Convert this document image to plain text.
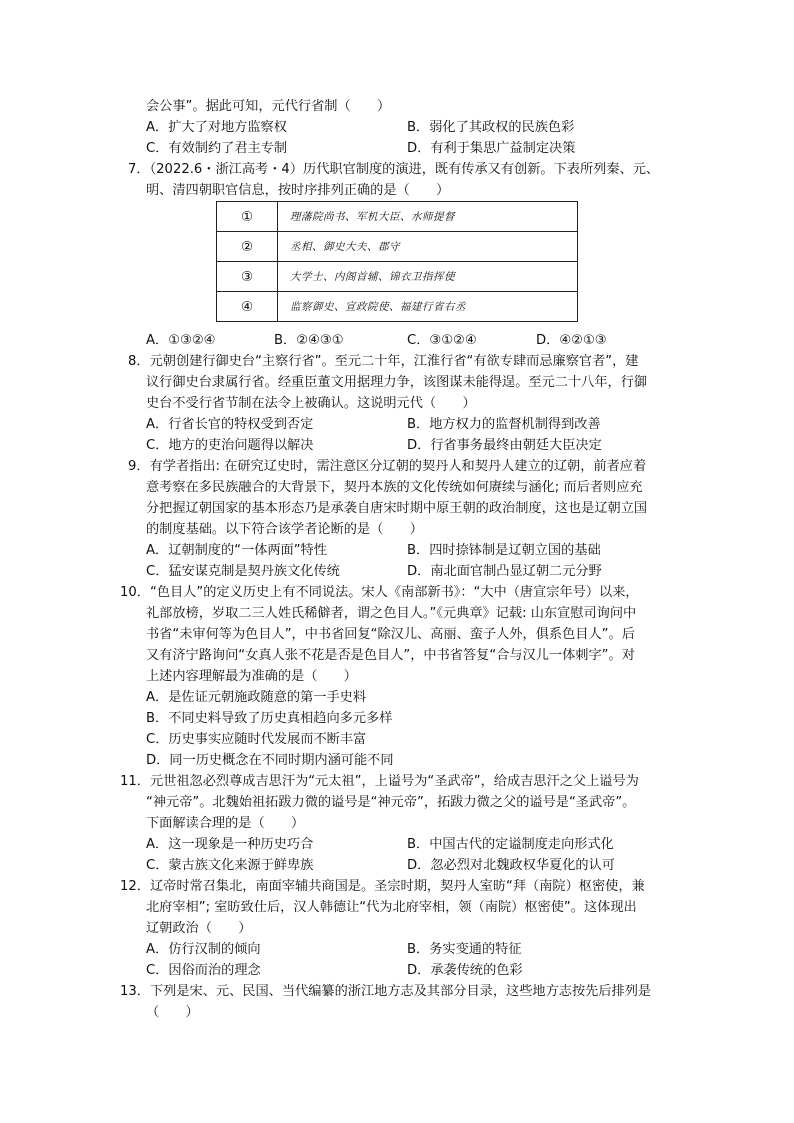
会公事”。据此可知，元代行省制（　　）
A．扩大了对地方监察权	B．弱化了其政权的民族色彩
C．有效制约了君主专制	D．有利于集思广益制定决策
7．（2022.6・浙江高考・4）历代职官制度的演进，既有传承又有创新。下表所列秦、元、
明、清四朝职官信息，按时序排列正确的是（　　）
①	理藩院尚书、军机大臣、水师提督
②	丞相、御史大夫、郡守
③	大学士、内阁首辅、锦衣卫指挥使
④	监察御史、宣政院使、福建行省右丞
A．①③②④	B．②④③①	C．③①②④	D．④②①③
8．元朝创建行御史台“主察行省”。至元二十年，江淮行省“有欲专肆而忌廉察官者”，建
议行御史台隶属行省。经重臣董文用据理力争，该图谋未能得逞。至元二十八年，行御
史台不受行省节制在法令上被确认。这说明元代（　　）
A．行省长官的特权受到否定	B．地方权力的监督机制得到改善
C．地方的吏治问题得以解决	D．行省事务最终由朝廷大臣决定
9．有学者指出: 在研究辽史时，需注意区分辽朝的契丹人和契丹人建立的辽朝，前者应着
意考察在多民族融合的大背景下，契丹本族的文化传统如何赓续与涵化; 而后者则应充
分把握辽朝国家的基本形态乃是承袭自唐宋时期中原王朝的政治制度，这也是辽朝立国
的制度基础。以下符合该学者论断的是（　　）
A．辽朝制度的“一体两面”特性	B．四时捺钵制是辽朝立国的基础
C．猛安谋克制是契丹族文化传统	D．南北面官制凸显辽朝二元分野
10．“色目人”的定义历史上有不同说法。宋人《南部新书》：“大中（唐宣宗年号）以来，
礼部放榜，岁取二三人姓氏稀僻者，谓之色目人。”《元典章》记载: 山东宣慰司询问中
书省“未审何等为色目人”，中书省回复“除汉儿、高丽、蛮子人外，俱系色目人”。后
又有济宁路询问“女真人张不花是否是色目人”，中书省答复“合与汉儿一体刺字”。对
上述内容理解最为准确的是（　　）
A．是佐证元朝施政随意的第一手史料
B．不同史料导致了历史真相趋向多元多样
C．历史事实应随时代发展而不断丰富
D．同一历史概念在不同时期内涵可能不同
11．元世祖忽必烈尊成吉思汗为“元太祖”，上谥号为“圣武帝”，给成吉思汗之父上谥号为
“神元帝”。北魏始祖拓跋力微的谥号是“神元帝”，拓跋力微之父的谥号是“圣武帝”。
下面解读合理的是（　　）
A．这一现象是一种历史巧合	B．中国古代的定谥制度走向形式化
C．蒙古族文化来源于鲜卑族	D．忽必烈对北魏政权华夏化的认可
12．辽帝时常召集北，南面宰辅共商国是。圣宗时期，契丹人室昉“拜（南院）枢密使，兼
北府宰相”; 室昉致仕后，汉人韩德让“代为北府宰相，领（南院）枢密使”。这体现出
辽朝政治（　　）
A．仿行汉制的倾向	B．务实变通的特征
C．因俗而治的理念	D．承袭传统的色彩
13．下列是宋、元、民国、当代编纂的浙江地方志及其部分目录，这些地方志按先后排列是
（　　）
